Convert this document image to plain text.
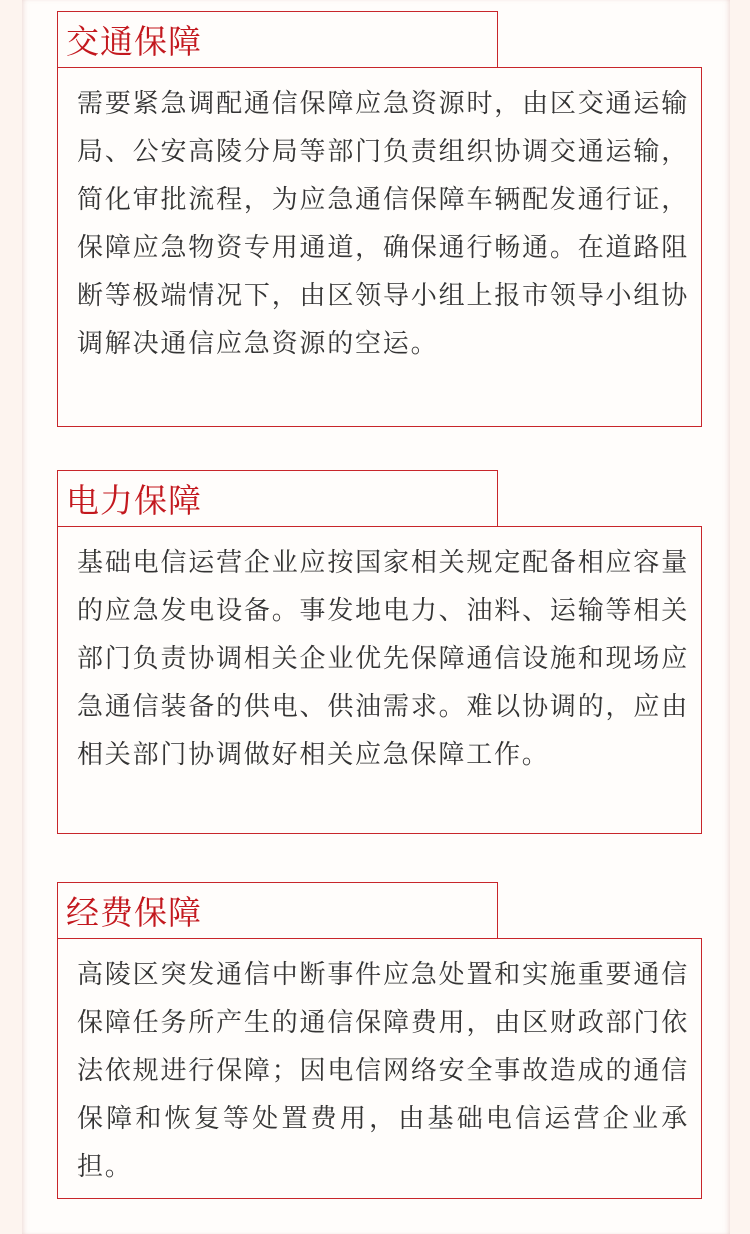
交通保障

需要紧急调配通信保障应急资源时，由区交通运输局、公安高陵分局等部门负责组织协调交通运输，简化审批流程，为应急通信保障车辆配发通行证，保障应急物资专用通道，确保通行畅通。在道路阻断等极端情况下，由区领导小组上报市领导小组协调解决通信应急资源的空运。

电力保障

基础电信运营企业应按国家相关规定配备相应容量的应急发电设备。事发地电力、油料、运输等相关部门负责协调相关企业优先保障通信设施和现场应急通信装备的供电、供油需求。难以协调的，应由相关部门协调做好相关应急保障工作。

经费保障

高陵区突发通信中断事件应急处置和实施重要通信保障任务所产生的通信保障费用，由区财政部门依法依规进行保障；因电信网络安全事故造成的通信保障和恢复等处置费用，由基础电信运营企业承担。
